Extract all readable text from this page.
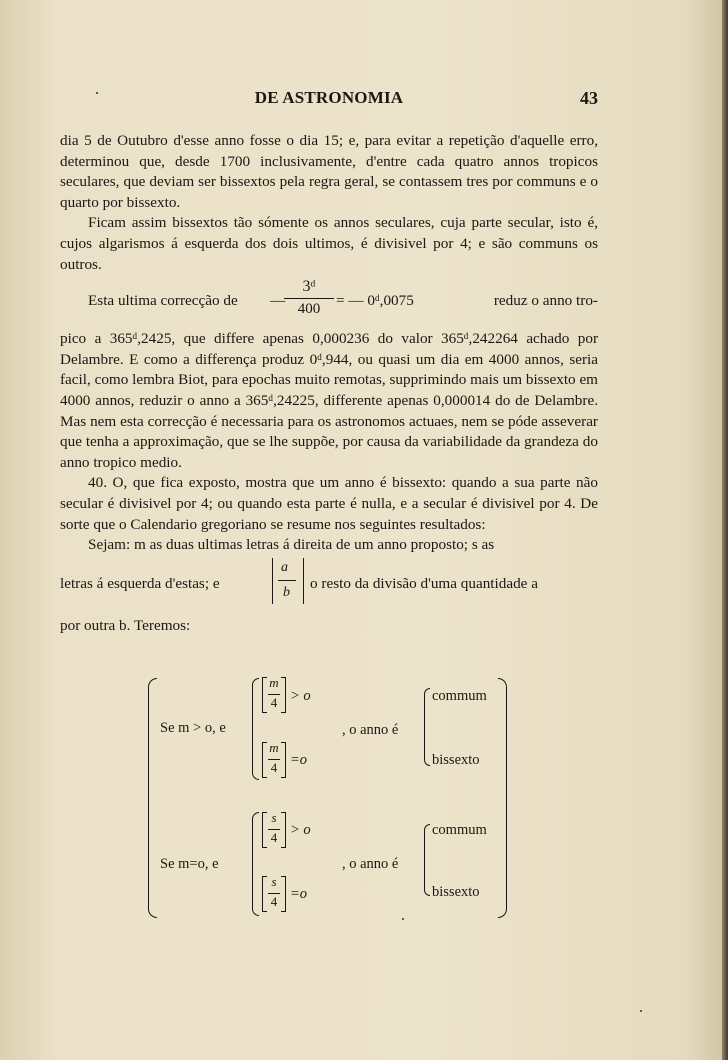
DE ASTRONOMIA	43

dia 5 de Outubro d'esse anno fosse o dia 15; e, para evitar a repetição d'aquelle erro, determinou que, desde 1700 inclusivamente, d'entre cada quatro annos tropicos seculares, que deviam ser bissextos pela regra geral, se contassem tres por communs e o quarto por bissexto.

Ficam assim bissextos tão sómente os annos seculares, cuja parte secular, isto é, cujos algarismos á esquerda dos dois ultimos, é divisivel por 4; e são communs os outros.

Esta ultima correcção de —
3ᵈ
400	= — 0ᵈ,0075	reduz o anno tro-

pico a 365ᵈ,2425, que differe apenas 0,000236 do valor 365ᵈ,242264 achado por Delambre. E como a differença produz 0ᵈ,944, ou quasi um dia em 4000 annos, seria facil, como lembra Biot, para epochas muito remotas, supprimindo mais um bissexto em 4000 annos, reduzir o anno a 365ᵈ,24225, differente apenas 0,000014 do de Delambre. Mas nem esta correcção é necessaria para os astronomos actuaes, nem se póde asseverar que tenha a approximação, que se lhe suppõe, por causa da variabilidade da grandeza do anno tropico medio.

40. O, que fica exposto, mostra que um anno é bissexto: quando a sua parte não secular é divisivel por 4; ou quando esta parte é nulla, e a secular é divisivel por 4. De sorte que o Calendario gregoriano se resume nos seguintes resultados:

Sejam: m as duas ultimas letras á direita de um anno proposto; s as

letras á esquerda d'estas; e
a
b
o resto da divisão d'uma quantidade a

por outra b. Teremos:

Se m > o, e
m
4 > o
m
4 =o
, o anno é
commum
bissexto
Se m=o, e
s
4 > o
s
4 =o
, o anno é
commum
bissexto
